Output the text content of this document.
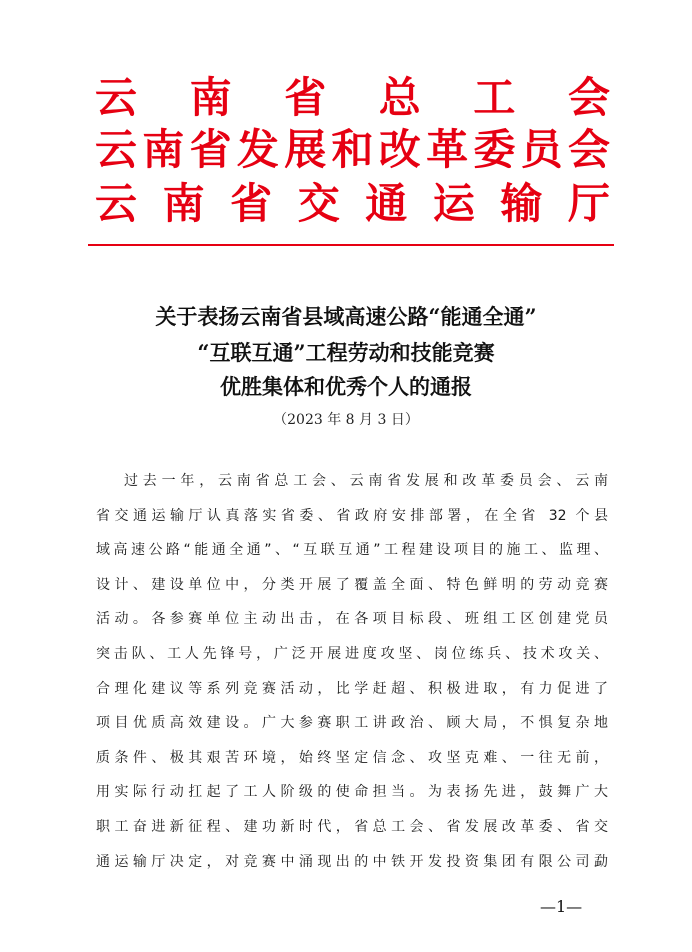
云 南 省 总 工 会
云 南 省 发 展 和 改 革 委 员 会
云 南 省 交 通 运 输 厅
关于表扬云南省县域高速公路“能通全通”
“互联互通”工程劳动和技能竞赛
优胜集体和优秀个人的通报
（2023 年 8 月 3 日）
过去一年，云南省总工会、云南省发展和改革委员会、云南
省交通运输厅认真落实省委、省政府安排部署，在全省 32 个县
域高速公路“能通全通”、“互联互通”工程建设项目的施工、监理、
设计、建设单位中，分类开展了覆盖全面、特色鲜明的劳动竞赛
活动。各参赛单位主动出击，在各项目标段、班组工区创建党员
突击队、工人先锋号，广泛开展进度攻坚、岗位练兵、技术攻关、
合理化建议等系列竞赛活动，比学赶超、积极进取，有力促进了
项目优质高效建设。广大参赛职工讲政治、顾大局，不惧复杂地
质条件、极其艰苦环境，始终坚定信念、攻坚克难、一往无前，
用实际行动扛起了工人阶级的使命担当。为表扬先进，鼓舞广大
职工奋进新征程、建功新时代，省总工会、省发展改革委、省交
通运输厅决定，对竞赛中涌现出的中铁开发投资集团有限公司勐
—1—
